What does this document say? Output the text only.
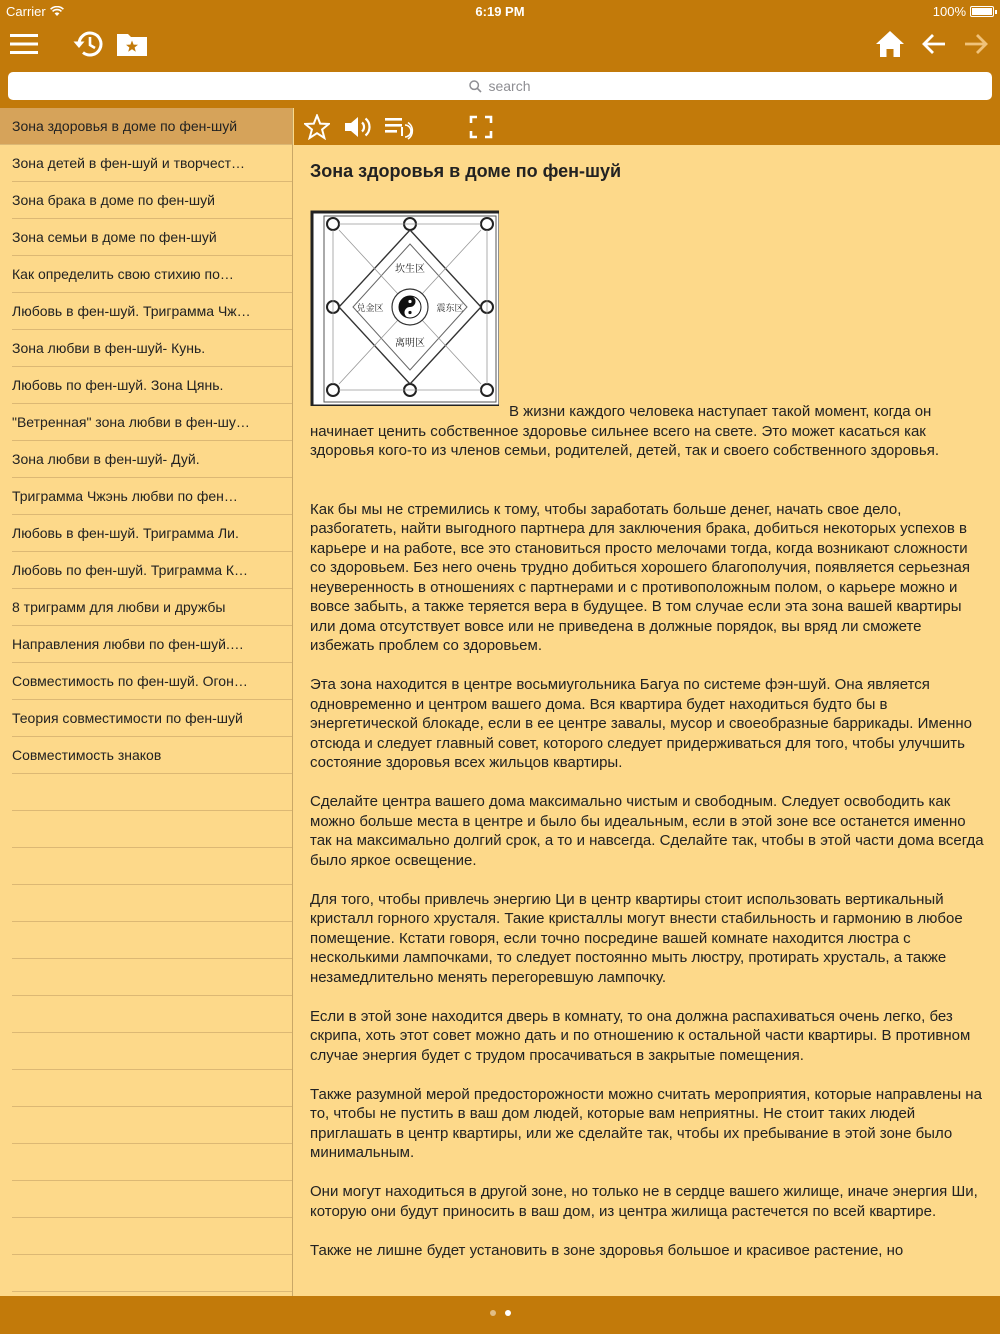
Carrier	6:19 PM	100%
search
Зона здоровья в доме по фен-шуй
Зона детей в фен-шуй и творчест…
Зона брака в доме по фен-шуй
Зона семьи в доме по фен-шуй
Как определить свою стихию по…
Любовь в фен-шуй. Триграмма Чж…
Зона любви в фен-шуй- Кунь.
Любовь по фен-шуй. Зона Цянь.
"Ветренная" зона любви в фен-шу…
Зона любви в фен-шуй- Дуй.
Триграмма Чжэнь любви по фен…
Любовь в фен-шуй. Триграмма Ли.
Любовь по фен-шуй. Триграмма К…
8 триграмм для любви и дружбы
Направления любви по фен-шуй.…
Совместимость по фен-шуй. Огон…
Теория совместимости по фен-шуй
Совместимость знаков
Зона здоровья в доме по фен-шуй
坎生区
兑金区	震东区
离明区

В жизни каждого человека наступает такой момент, когда он начинает ценить собственное здоровье сильнее всего на свете. Это может касаться как здоровья кого-то из членов семьи, родителей, детей, так и своего собственного здоровья.

Как бы мы не стремились к тому, чтобы заработать больше денег, начать свое дело, разбогатеть, найти выгодного партнера для заключения брака, добиться некоторых успехов в карьере и на работе, все это становиться просто мелочами тогда, когда возникают сложности со здоровьем. Без него очень трудно добиться хорошего благополучия, появляется серьезная неуверенность в отношениях с партнерами и с противоположным полом, о карьере можно и вовсе забыть, а также теряется вера в будущее. В том случае если эта зона вашей квартиры или дома отсутствует вовсе или не приведена в должные порядок, вы вряд ли сможете избежать проблем со здоровьем.

Эта зона находится в центре восьмиугольника Багуа по системе фэн-шуй. Она является одновременно и центром вашего дома. Вся квартира будет находиться будто бы в энергетической блокаде, если в ее центре завалы, мусор и своеобразные баррикады. Именно отсюда и следует главный совет, которого следует придерживаться для того, чтобы улучшить состояние здоровья всех жильцов квартиры.

Сделайте центра вашего дома максимально чистым и свободным. Следует освободить как можно больше места в центре и было бы идеальным, если в этой зоне все останется именно так на максимально долгий срок, а то и навсегда. Сделайте так, чтобы в этой части дома всегда было яркое освещение.

Для того, чтобы привлечь энергию Ци в центр квартиры стоит использовать вертикальный кристалл горного хрусталя. Такие кристаллы могут внести стабильность и гармонию в любое помещение. Кстати говоря, если точно посредине вашей комнате находится люстра с несколькими лампочками, то следует постоянно мыть люстру, протирать хрусталь, а также незамедлительно менять перегоревшую лампочку.

Если в этой зоне находится дверь в комнату, то она должна распахиваться очень легко, без скрипа, хоть этот совет можно дать и по отношению к остальной части квартиры. В противном случае энергия будет с трудом просачиваться в закрытые помещения.

Также разумной мерой предосторожности можно считать мероприятия, которые направлены на то, чтобы не пустить в ваш дом людей, которые вам неприятны. Не стоит таких людей приглашать в центр квартиры, или же сделайте так, чтобы их пребывание в этой зоне было минимальным.

Они могут находиться в другой зоне, но только не в сердце вашего жилище, иначе энергия Ши, которую они будут приносить в ваш дом, из центра жилища растечется по всей квартире.

Также не лишне будет установить в зоне здоровья большое и красивое растение, но
